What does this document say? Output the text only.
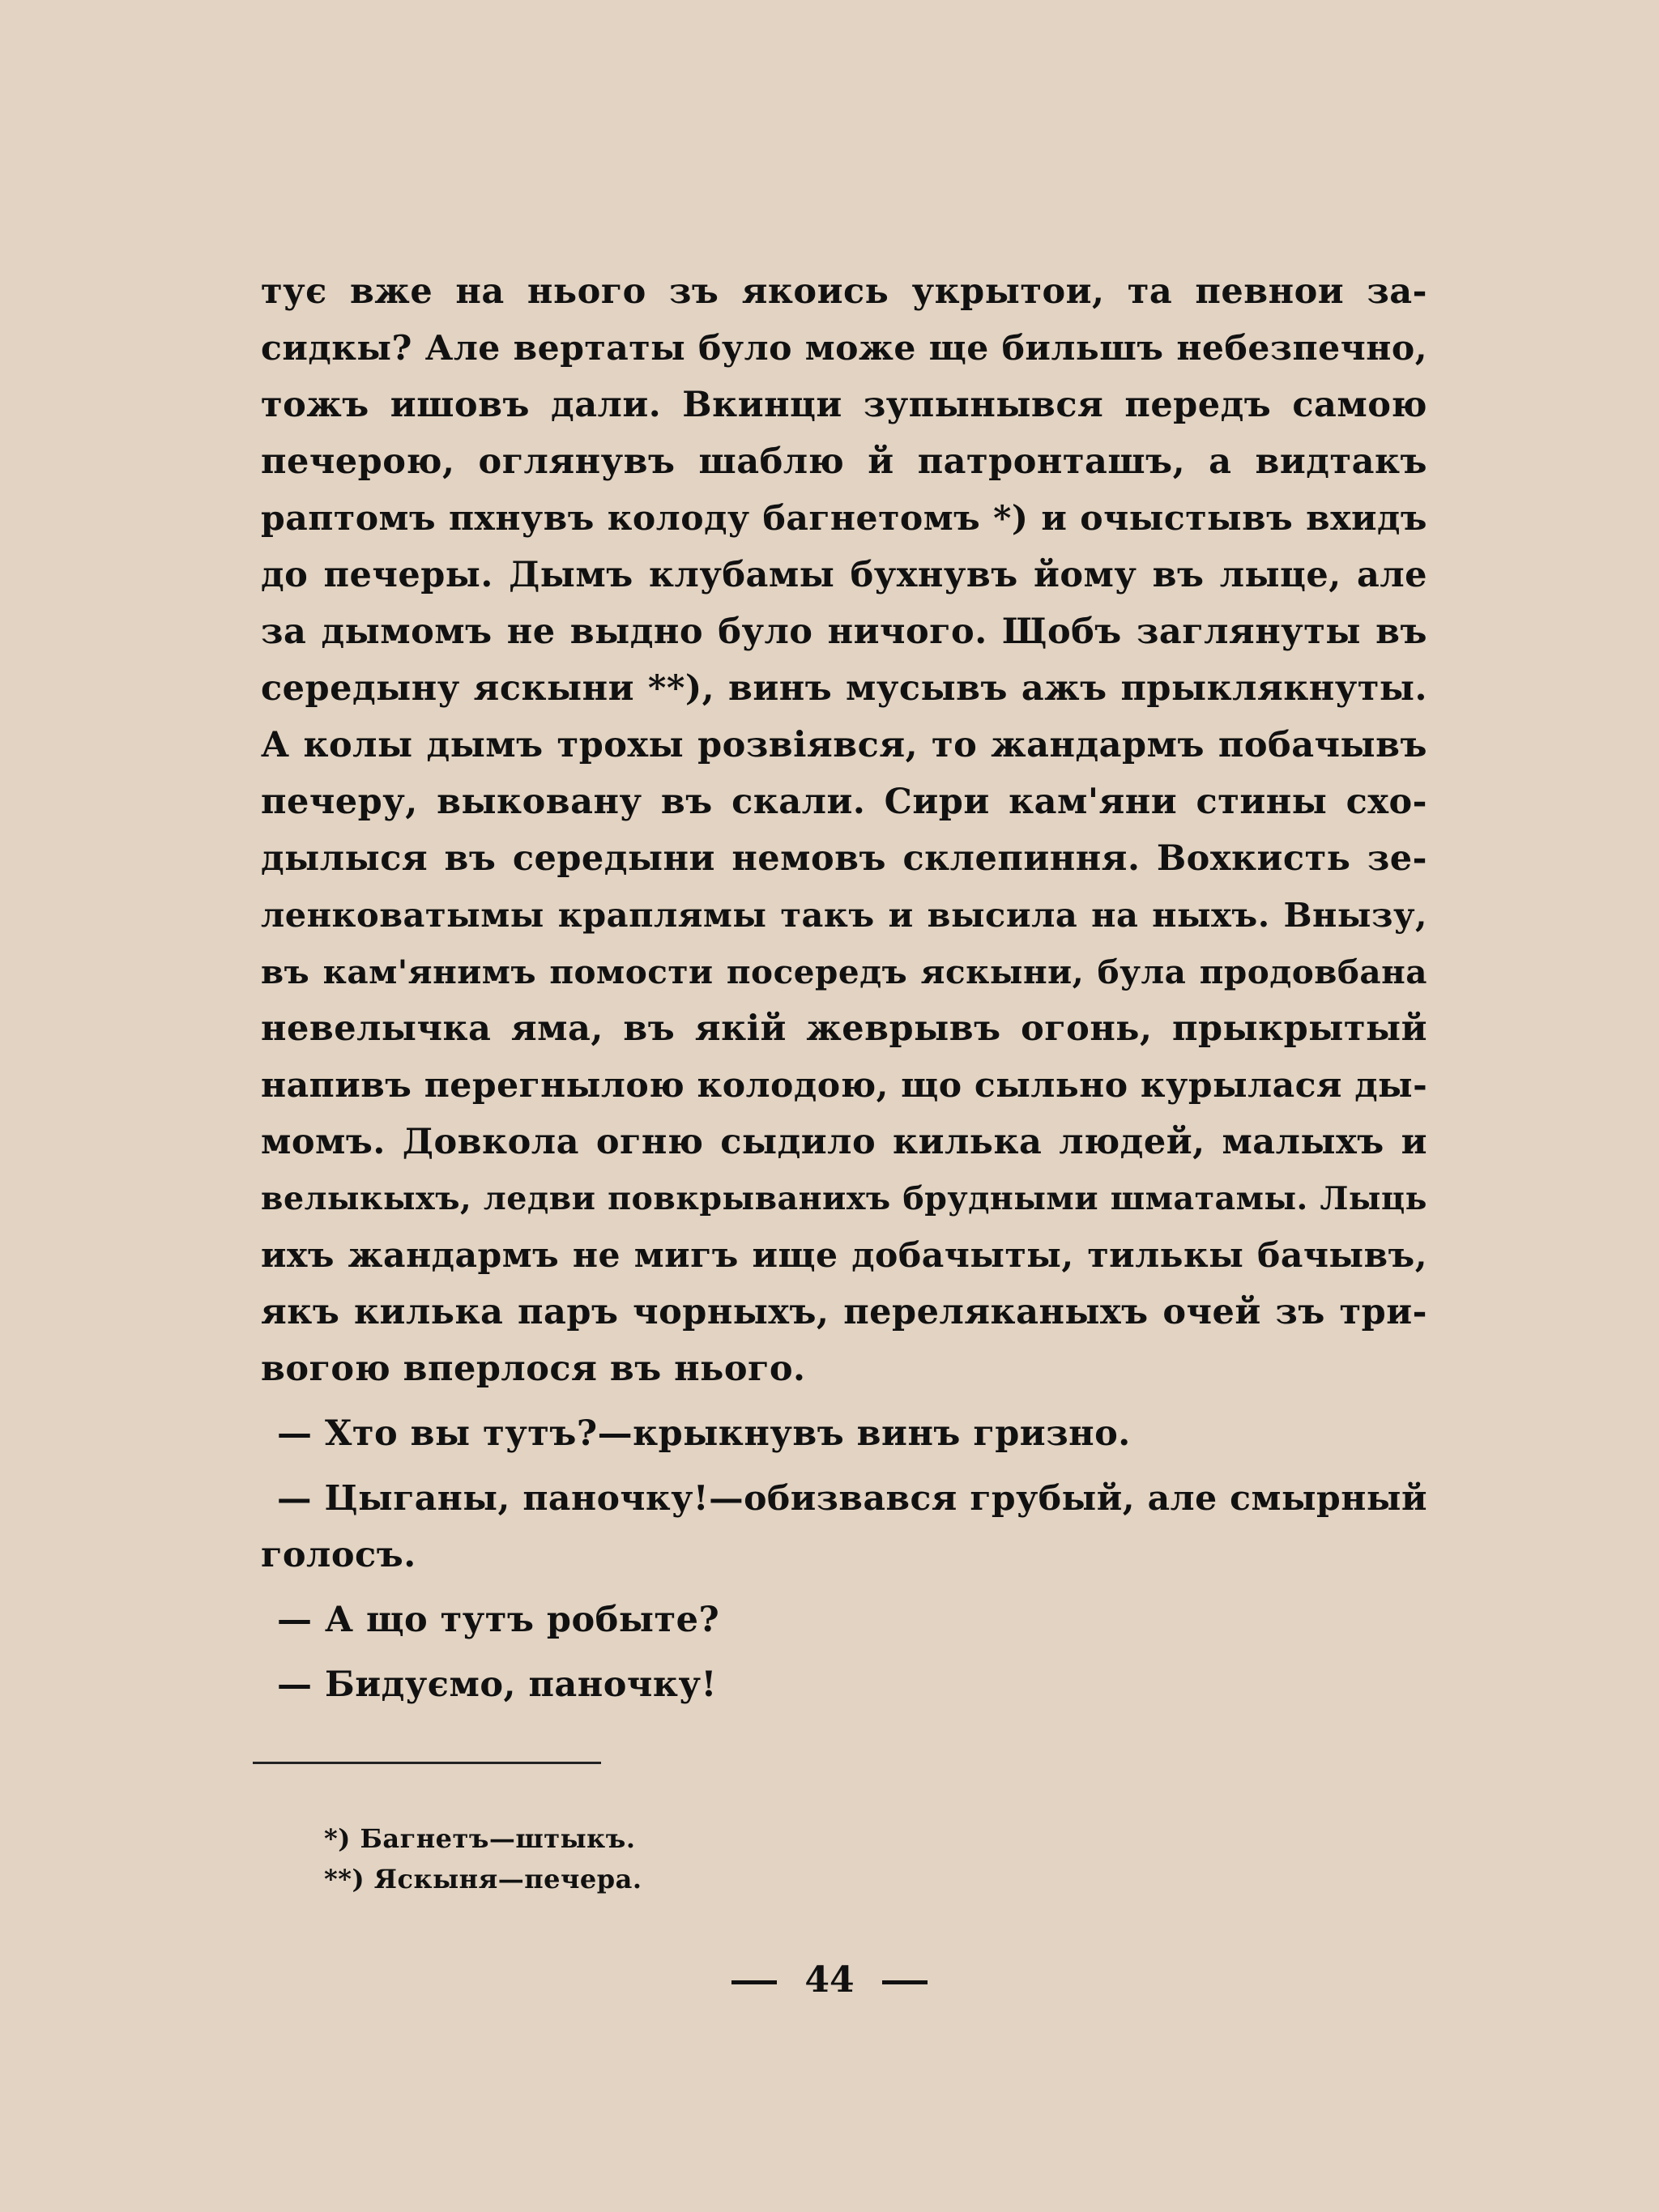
тує вже на нього зъ якоись укрытои, та певнои за-
сидкы? Але вертаты було може ще бильшъ небезпечно,
тожъ ишовъ дали. Вкинци зупынывся передъ самою
печерою, оглянувъ шаблю й патронташъ, а видтакъ
раптомъ пхнувъ колоду багнетомъ *) и очыстывъ вхидъ
до печеры. Дымъ клубамы бухнувъ йому въ лыце, але
за дымомъ не выдно було ничого. Щобъ заглянуты въ
середыну яскыни **), винъ мусывъ ажъ прыклякнуты.
А колы дымъ трохы розвіявся, то жандармъ побачывъ
печеру, выковану въ скали. Сири кам'яни стины схо-
дылыся въ середыни немовъ склепиння. Вохкисть зе-
ленковатымы краплямы такъ и высила на ныхъ. Внызу,
въ кам'янимъ помости посередъ яскыни, була продовбана
невелычка яма, въ якій жеврывъ огонь, прыкрытый
напивъ перегнылою колодою, що сыльно курылася ды-
момъ. Довкола огню сыдило килька людей, малыхъ и
велыкыхъ, ледви повкрыванихъ брудными шматамы. Лыць
ихъ жандармъ не мигъ ище добачыты, тилькы бачывъ,
якъ килька паръ чорныхъ, переляканыхъ очей зъ три-
вогою вперлося въ нього.
— Хто вы тутъ?—крыкнувъ винъ гризно.
— Цыганы, паночку!—обизвався грубый, але смырный
голосъ.
— А що тутъ робыте?
— Бидуємо, паночку!
*) Багнетъ—штыкъ.
**) Яскыня—печера.
44
